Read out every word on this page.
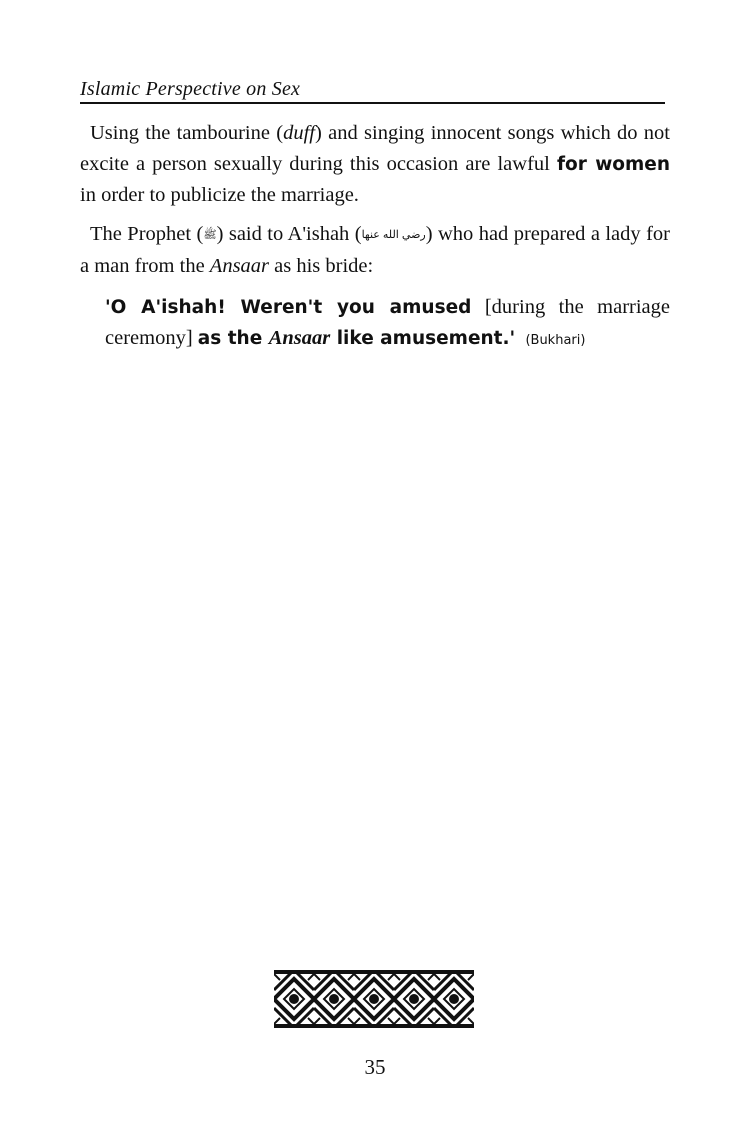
Islamic Perspective on Sex

Using the tambourine (duff) and singing innocent songs which do not excite a person sexually during this occasion are lawful for women in order to publicize the marriage.

The Prophet (ﷺ) said to A'ishah (رضي الله عنها) who had prepared a lady for a man from the Ansaar as his bride:

'O A'ishah! Weren't you amused [during the marriage ceremony] as the Ansaar like amusement.' (Bukhari)

35
